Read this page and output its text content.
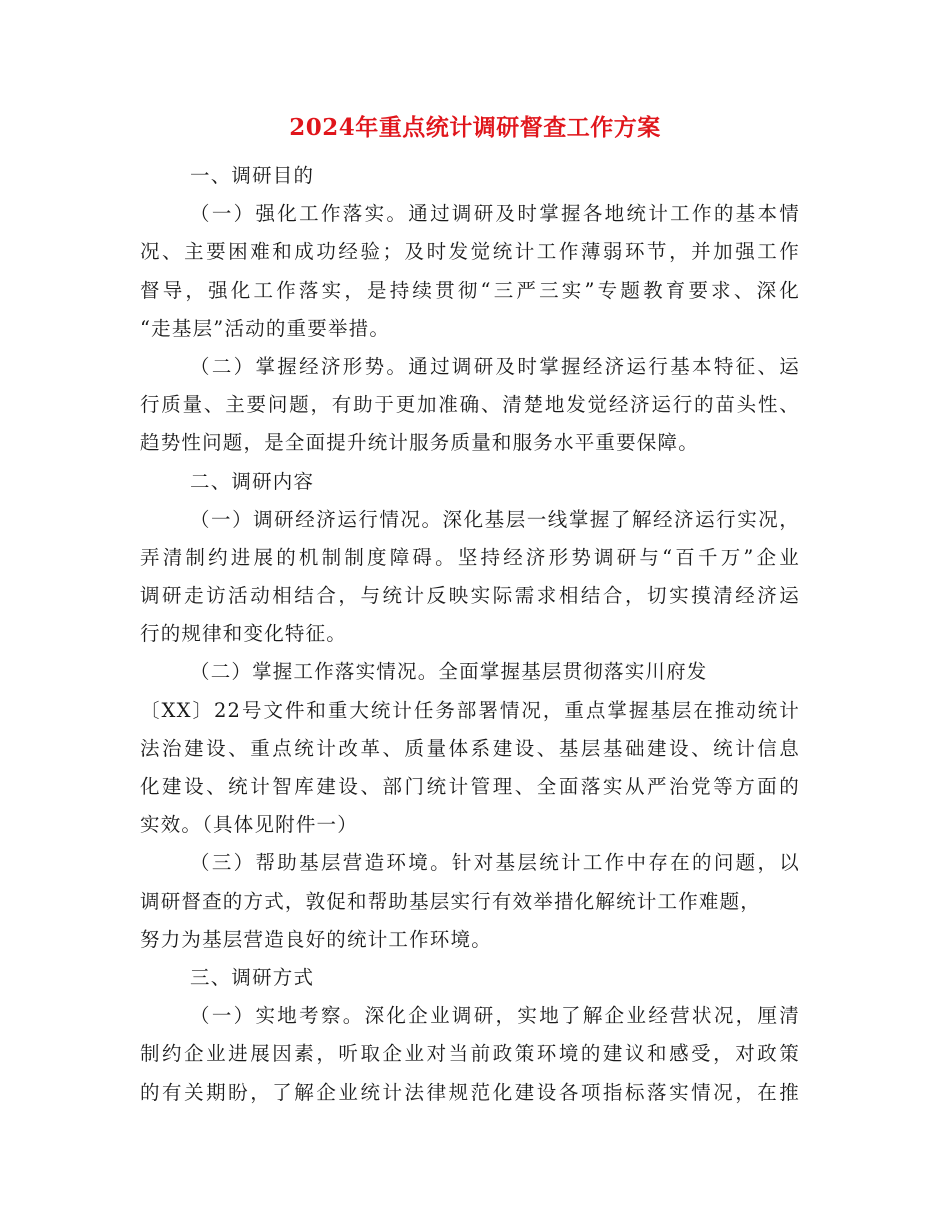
2024年重点统计调研督查工作方案
一、调研目的
（一）强化工作落实。通过调研及时掌握各地统计工作的基本情
况、主要困难和成功经验；及时发觉统计工作薄弱环节，并加强工作
督导，强化工作落实，是持续贯彻“三严三实”专题教育要求、深化
“走基层”活动的重要举措。
（二）掌握经济形势。通过调研及时掌握经济运行基本特征、运
行质量、主要问题，有助于更加准确、清楚地发觉经济运行的苗头性、
趋势性问题，是全面提升统计服务质量和服务水平重要保障。
二、调研内容
（一）调研经济运行情况。深化基层一线掌握了解经济运行实况，
弄清制约进展的机制制度障碍。坚持经济形势调研与“百千万”企业
调研走访活动相结合，与统计反映实际需求相结合，切实摸清经济运
行的规律和变化特征。
（二）掌握工作落实情况。全面掌握基层贯彻落实川府发
〔XX〕22号文件和重大统计任务部署情况，重点掌握基层在推动统计
法治建设、重点统计改革、质量体系建设、基层基础建设、统计信息
化建设、统计智库建设、部门统计管理、全面落实从严治党等方面的
实效。（具体见附件一）
（三）帮助基层营造环境。针对基层统计工作中存在的问题，以
调研督查的方式，敦促和帮助基层实行有效举措化解统计工作难题，
努力为基层营造良好的统计工作环境。
三、调研方式
（一）实地考察。深化企业调研，实地了解企业经营状况，厘清
制约企业进展因素，听取企业对当前政策环境的建议和感受，对政策
的有关期盼，了解企业统计法律规范化建设各项指标落实情况，在推
